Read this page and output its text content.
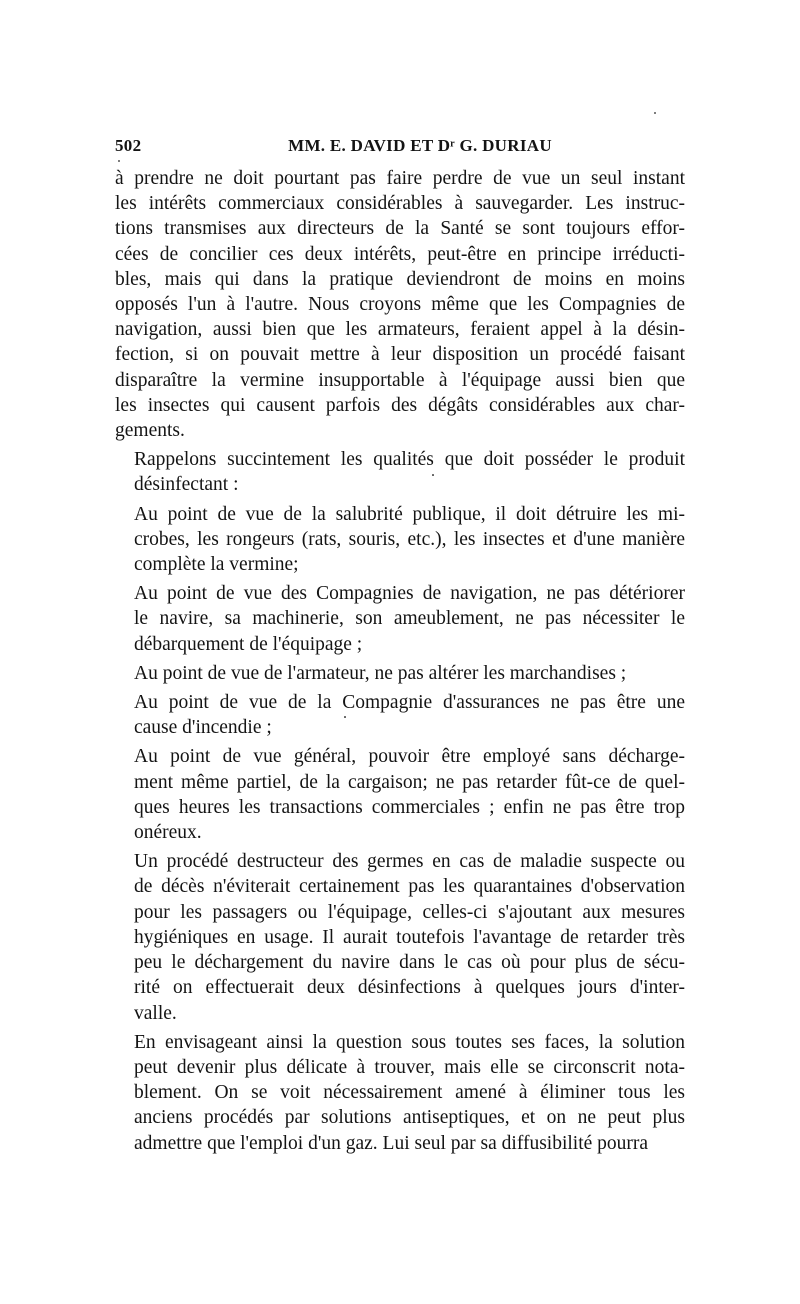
502	MM. E. DAVID ET Dʳ G. DURIAU

à prendre ne doit pourtant pas faire perdre de vue un seul instant
les intérêts commerciaux considérables à sauvegarder. Les instruc-
tions transmises aux directeurs de la Santé se sont toujours effor-
cées de concilier ces deux intérêts, peut-être en principe irréducti-
bles, mais qui dans la pratique deviendront de moins en moins
opposés l'un à l'autre. Nous croyons même que les Compagnies de
navigation, aussi bien que les armateurs, feraient appel à la désin-
fection, si on pouvait mettre à leur disposition un procédé faisant
disparaître la vermine insupportable à l'équipage aussi bien que
les insectes qui causent parfois des dégâts considérables aux char-
gements.

Rappelons succintement les qualités que doit posséder le produit
désinfectant :

Au point de vue de la salubrité publique, il doit détruire les mi-
crobes, les rongeurs (rats, souris, etc.), les insectes et d'une manière
complète la vermine;

Au point de vue des Compagnies de navigation, ne pas détériorer
le navire, sa machinerie, son ameublement, ne pas nécessiter le
débarquement de l'équipage ;

Au point de vue de l'armateur, ne pas altérer les marchandises ;

Au point de vue de la Compagnie d'assurances ne pas être une
cause d'incendie ;

Au point de vue général, pouvoir être employé sans décharge-
ment même partiel, de la cargaison; ne pas retarder fût-ce de quel-
ques heures les transactions commerciales ; enfin ne pas être trop
onéreux.

Un procédé destructeur des germes en cas de maladie suspecte ou
de décès n'éviterait certainement pas les quarantaines d'observation
pour les passagers ou l'équipage, celles-ci s'ajoutant aux mesures
hygiéniques en usage. Il aurait toutefois l'avantage de retarder très
peu le déchargement du navire dans le cas où pour plus de sécu-
rité on effectuerait deux désinfections à quelques jours d'inter-
valle.

En envisageant ainsi la question sous toutes ses faces, la solution
peut devenir plus délicate à trouver, mais elle se circonscrit nota-
blement. On se voit nécessairement amené à éliminer tous les
anciens procédés par solutions antiseptiques, et on ne peut plus
admettre que l'emploi d'un gaz. Lui seul par sa diffusibilité pourra
